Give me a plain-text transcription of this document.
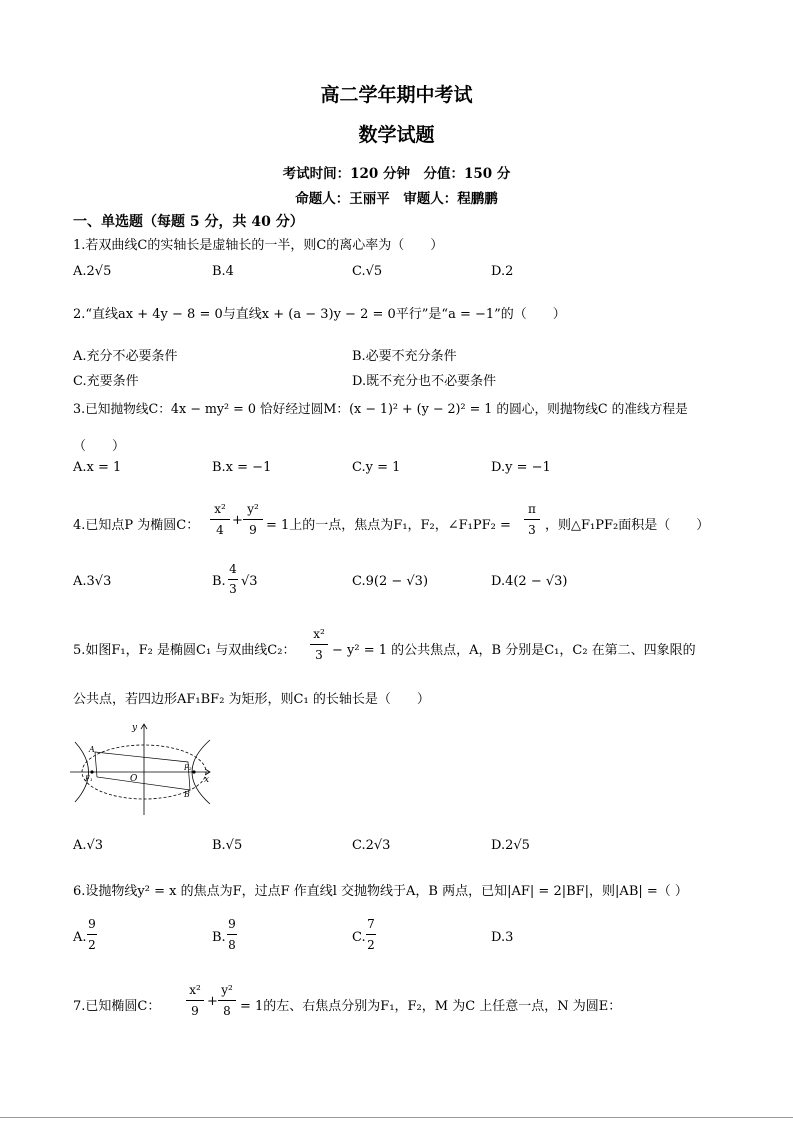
高二学年期中考试
数学试题
考试时间：120 分钟　分值：150 分
命题人：王丽平　审题人：程鹏鹏
一、单选题（每题 5 分，共 40 分）
1.若双曲线C的实轴长是虚轴长的一半，则C的离心率为（　　）
A.2√5	B.4	C.√5	D.2
2.“直线ax + 4y − 8 = 0与直线x + (a − 3)y − 2 = 0平行”是“a = −1”的（　　）
A.充分不必要条件	B.必要不充分条件
C.充要条件	D.既不充分也不必要条件
3.已知抛物线C：4x − my² = 0 恰好经过圆M：(x − 1)² + (y − 2)² = 1 的圆心，则抛物线C 的准线方程是
（　　）
A.x = 1	B.x = −1	C.y = 1	D.y = −1
4.已知点P 为椭圆C：
x²
4
+
y²
9 = 1上的一点，焦点为F₁，F₂，∠F₁PF₂ =
π
3 ，则△F₁PF₂面积是（　　）
A.3√3	B.
4
3 √3	C.9(2 − √3)	D.4(2 − √3)
5.如图F₁，F₂ 是椭圆C₁ 与双曲线C₂：
x²
3 − y² = 1 的公共焦点，A，B 分别是C₁，C₂ 在第二、四象限的
公共点，若四边形AF₁BF₂ 为矩形，则C₁ 的长轴长是（　　）
y
x
A
B
O
F₁
F₂
A.√3	B.√5	C.2√3	D.2√5
6.设抛物线y² = x 的焦点为F，过点F 作直线l 交抛物线于A，B 两点，已知|AF| = 2|BF|，则|AB| =（ ）
A.
9
2	B.
9
8	C.
7
2	D.3
7.已知椭圆C：
x²
9
+
y²
8 = 1的左、右焦点分别为F₁，F₂，M 为C 上任意一点，N 为圆E：
